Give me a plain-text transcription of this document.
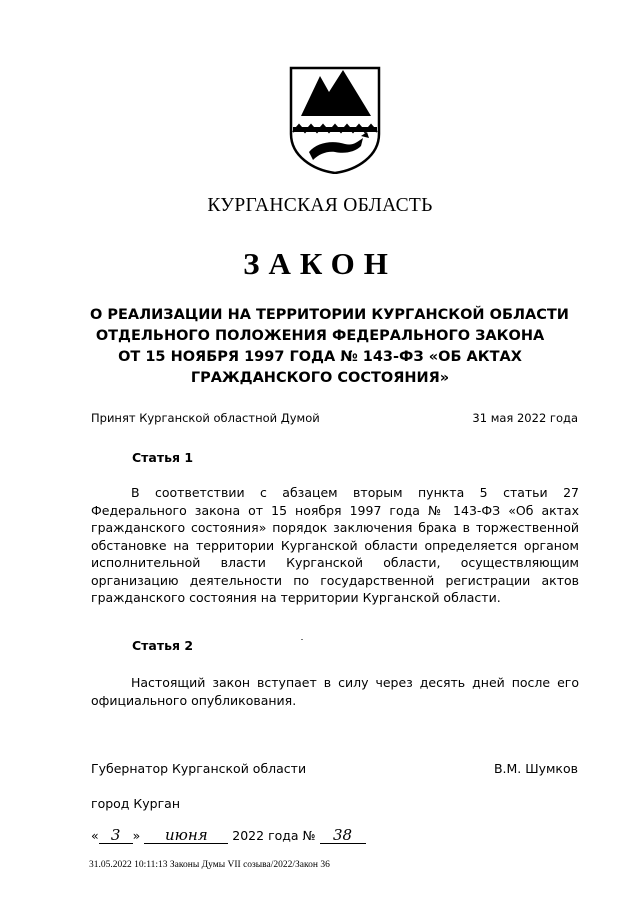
КУРГАНСКАЯ ОБЛАСТЬ
ЗАКОН
О РЕАЛИЗАЦИИ НА ТЕРРИТОРИИ КУРГАНСКОЙ ОБЛАСТИ
ОТДЕЛЬНОГО ПОЛОЖЕНИЯ ФЕДЕРАЛЬНОГО ЗАКОНА
ОТ 15 НОЯБРЯ 1997 ГОДА № 143-ФЗ «ОБ АКТАХ
ГРАЖДАНСКОГО СОСТОЯНИЯ»
Принят Курганской областной Думой	31 мая 2022 года
Статья 1
В соответствии с абзацем вторым пункта 5 статьи 27 Федерального закона от 15 ноября 1997 года № 143-ФЗ «Об актах гражданского состояния» порядок заключения брака в торжественной обстановке на территории Курганской области определяется органом исполнительной власти Курганской области, осуществляющим организацию деятельности по государственной регистрации актов гражданского состояния на территории Курганской области.
Статья 2
Настоящий закон вступает в силу через десять дней после его официального опубликования.
Губернатор Курганской области	В.М. Шумков
город Курган
« 3 » июня 2022 года № 38
31.05.2022 10:11:13 Законы Думы VII созыва/2022/Закон 36
